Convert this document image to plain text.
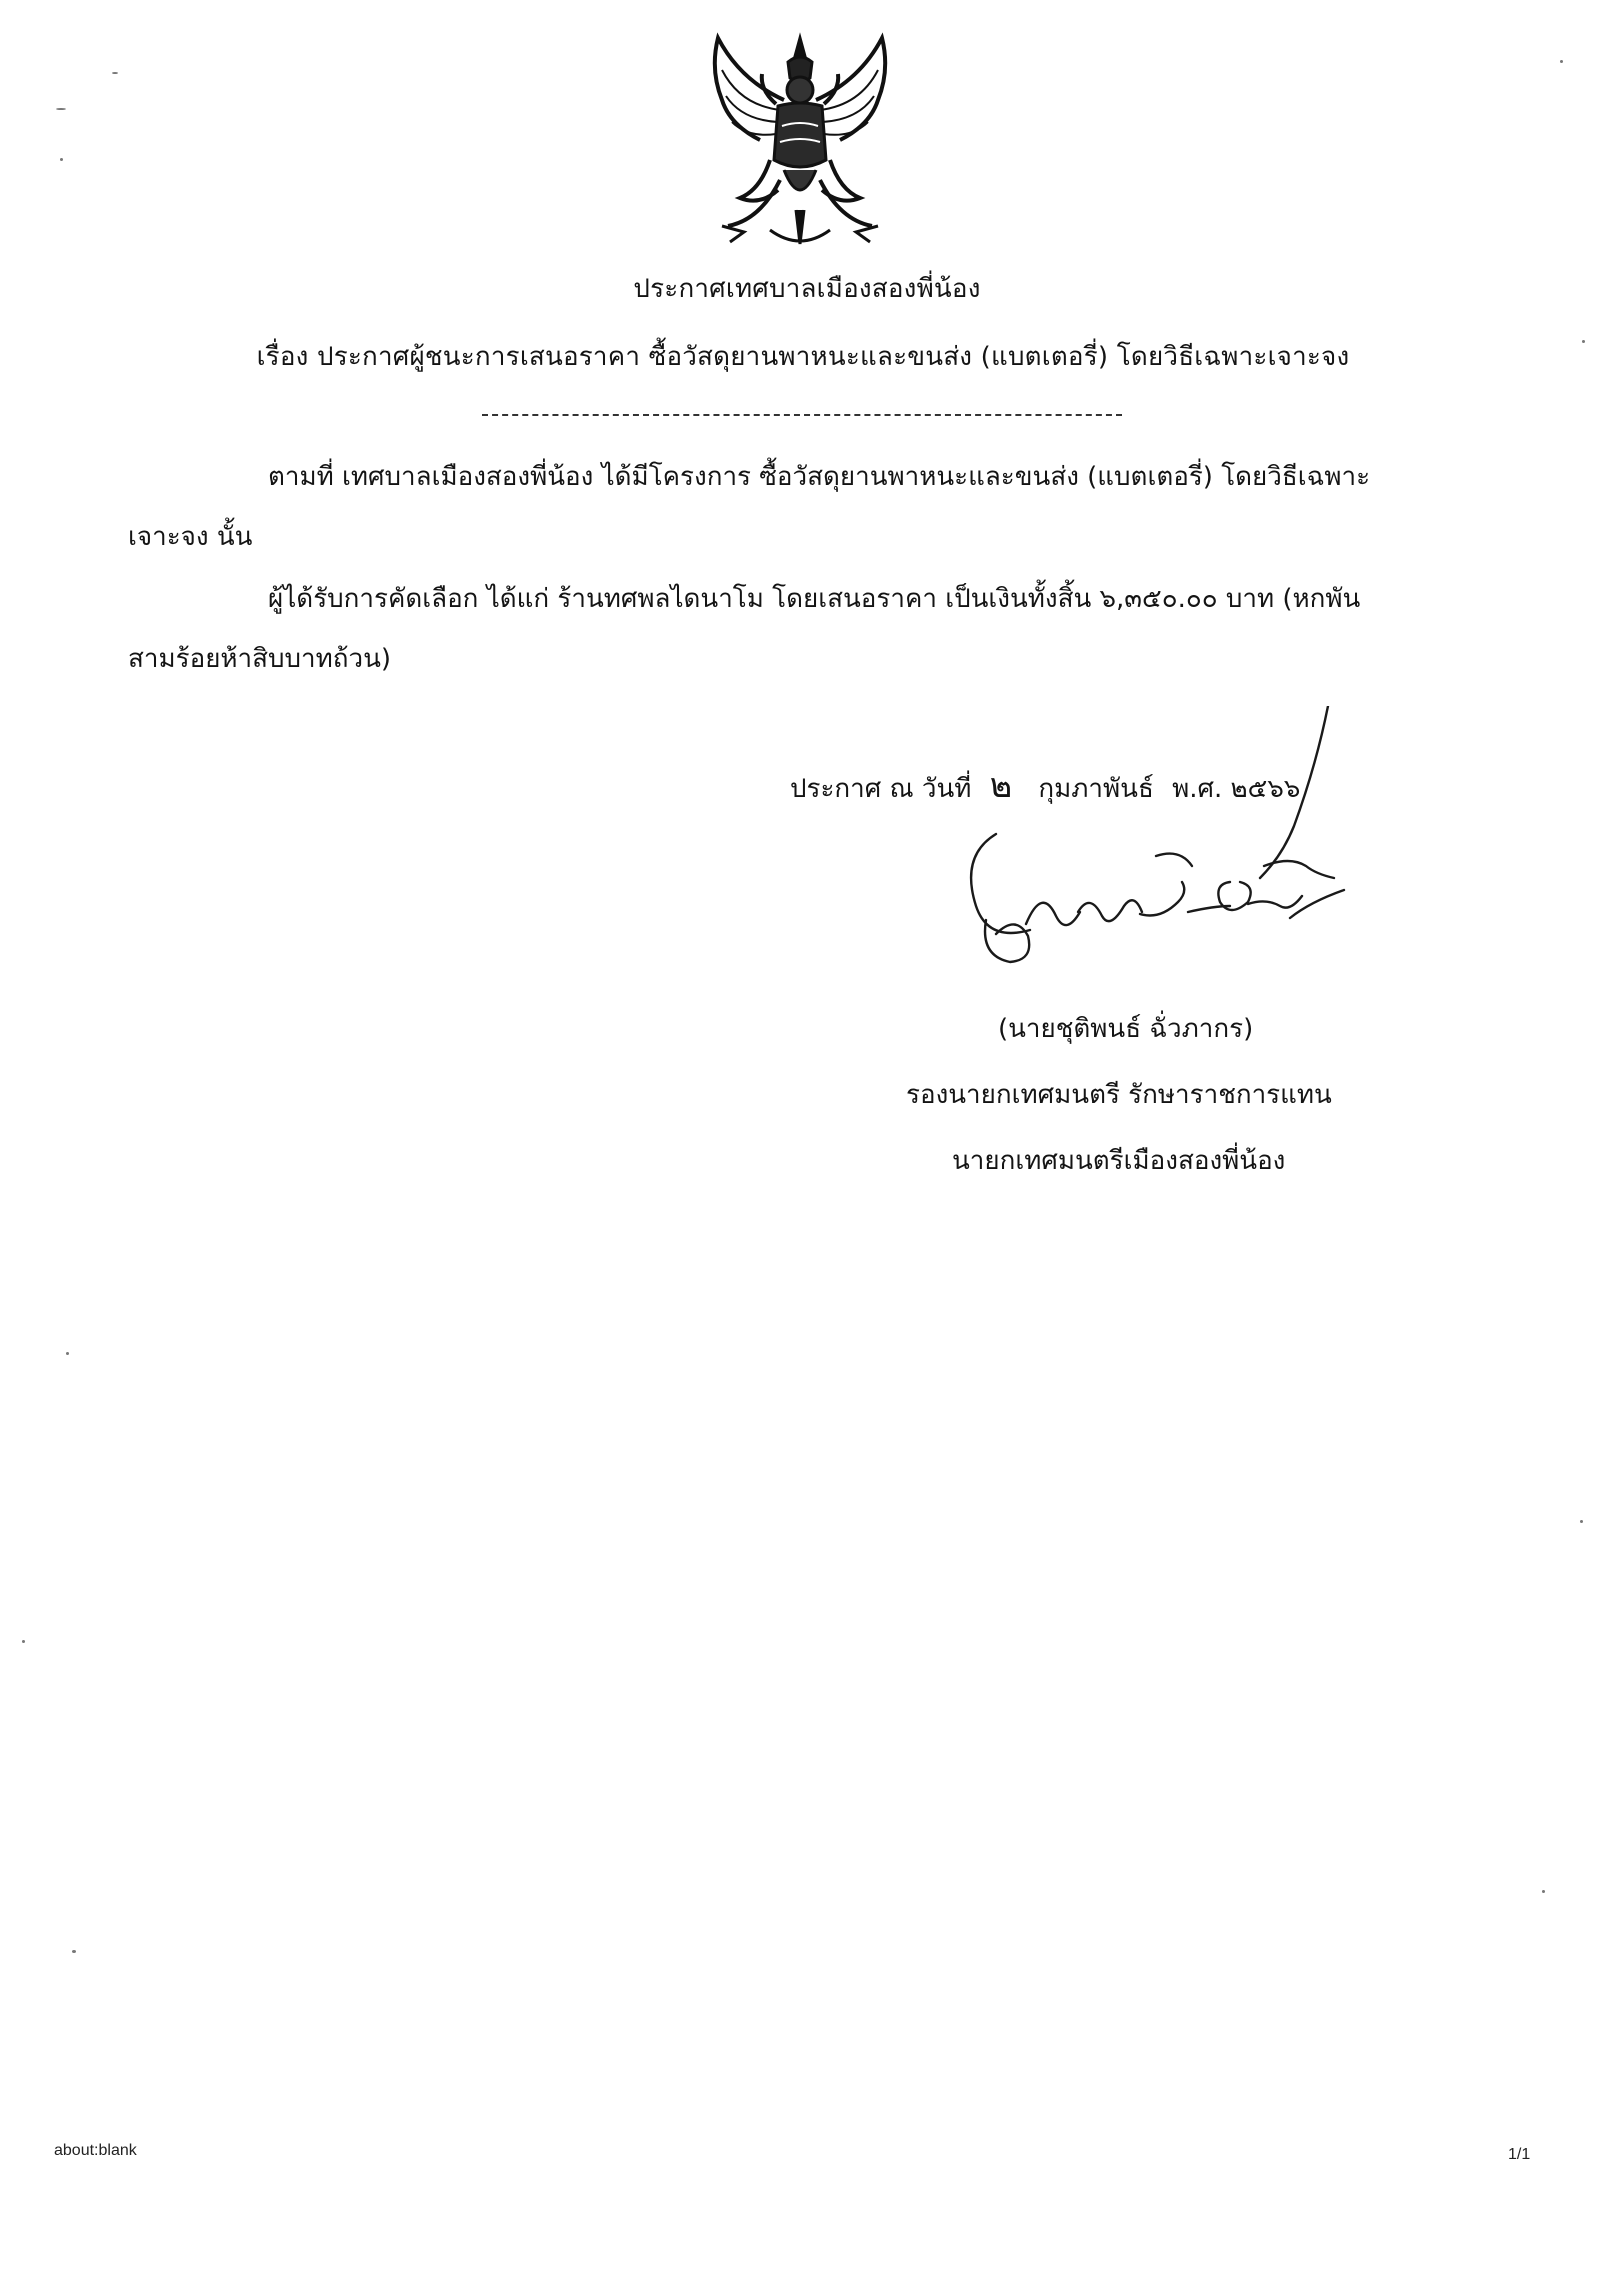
ประกาศเทศบาลเมืองสองพี่น้อง
เรื่อง ประกาศผู้ชนะการเสนอราคา ซื้อวัสดุยานพาหนะและขนส่ง (แบตเตอรี่) โดยวิธีเฉพาะเจาะจง
ตามที่ เทศบาลเมืองสองพี่น้อง ได้มีโครงการ ซื้อวัสดุยานพาหนะและขนส่ง (แบตเตอรี่) โดยวิธีเฉพาะ
เจาะจง นั้น
ผู้ได้รับการคัดเลือก ได้แก่ ร้านทศพลไดนาโม โดยเสนอราคา เป็นเงินทั้งสิ้น ๖,๓๕๐.๐๐ บาท (หกพัน
สามร้อยห้าสิบบาทถ้วน)
ประกาศ ณ วันที่ ๒ กุมภาพันธ์ พ.ศ. ๒๕๖๖
(นายชุติพนธ์ ฉั่วภากร)
รองนายกเทศมนตรี รักษาราชการแทน
นายกเทศมนตรีเมืองสองพี่น้อง
about:blank	1/1
